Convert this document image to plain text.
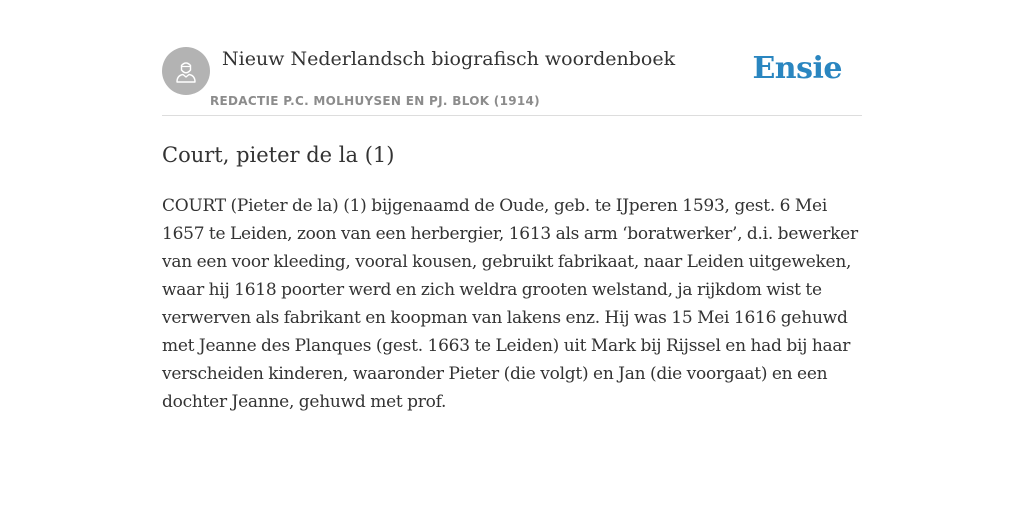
Nieuw Nederlandsch biografisch woordenboek
REDACTIE P.C. MOLHUYSEN EN PJ. BLOK (1914)
Ensie
Court, pieter de la (1)

COURT (Pieter de la) (1) bijgenaamd de Oude, geb. te IJperen 1593, gest. 6 Mei 1657 te Leiden, zoon van een herbergier, 1613 als arm ‘boratwerker’, d.i. bewerker van een voor kleeding, vooral kousen, gebruikt fabrikaat, naar Leiden uitgeweken, waar hij 1618 poorter werd en zich weldra grooten welstand, ja rijkdom wist te verwerven als fabrikant en koopman van lakens enz. Hij was 15 Mei 1616 gehuwd met Jeanne des Planques (gest. 1663 te Leiden) uit Mark bij Rijssel en had bij haar verscheiden kinderen, waaronder Pieter (die volgt) en Jan (die voorgaat) en een dochter Jeanne, gehuwd met prof.
